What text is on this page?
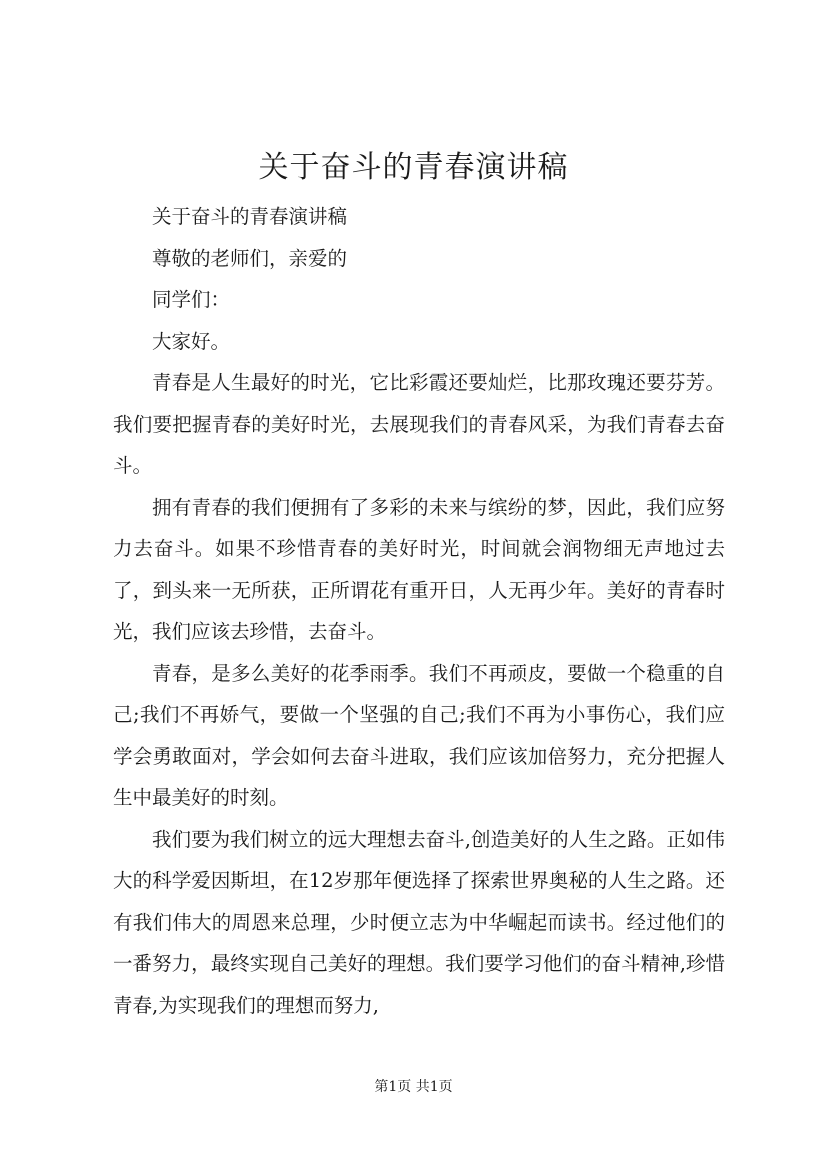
关于奋斗的青春演讲稿

关于奋斗的青春演讲稿

尊敬的老师们，亲爱的

同学们：

大家好。

青春是人生最好的时光，它比彩霞还要灿烂，比那玫瑰还要芬芳。我们要把握青春的美好时光，去展现我们的青春风采，为我们青春去奋斗。

拥有青春的我们便拥有了多彩的未来与缤纷的梦，因此，我们应努力去奋斗。如果不珍惜青春的美好时光，时间就会润物细无声地过去了，到头来一无所获，正所谓花有重开日，人无再少年。美好的青春时光，我们应该去珍惜，去奋斗。

青春，是多么美好的花季雨季。我们不再顽皮，要做一个稳重的自己;我们不再娇气，要做一个坚强的自己;我们不再为小事伤心，我们应学会勇敢面对，学会如何去奋斗进取，我们应该加倍努力，充分把握人生中最美好的时刻。

我们要为我们树立的远大理想去奋斗,创造美好的人生之路。正如伟大的科学爱因斯坦，在12岁那年便选择了探索世界奥秘的人生之路。还有我们伟大的周恩来总理，少时便立志为中华崛起而读书。经过他们的一番努力，最终实现自己美好的理想。我们要学习他们的奋斗精神,珍惜青春,为实现我们的理想而努力,

第1页 共1页
